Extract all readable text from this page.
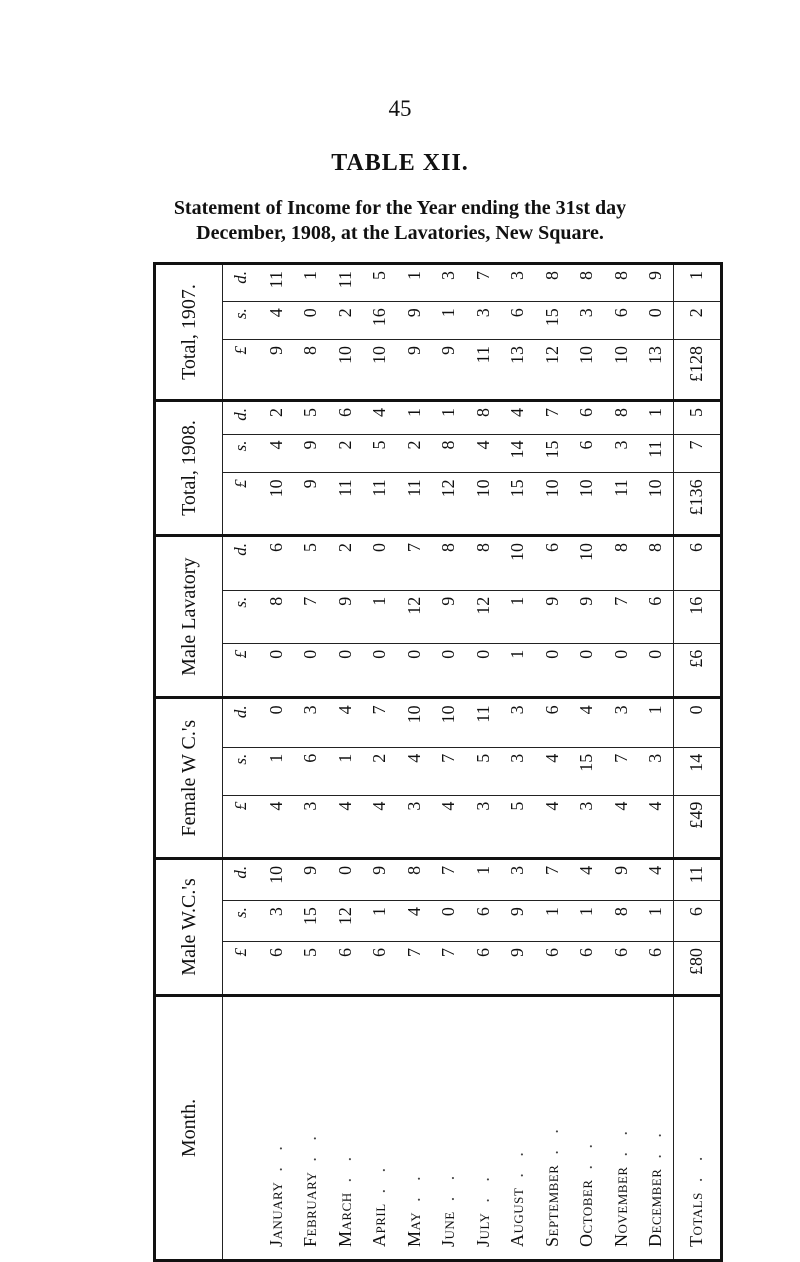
45
TABLE XII.
Statement of Income for the Year ending the 31st day
December, 1908, at the Lavatories, New Square.
Month.	Male W.C.'s			Female W C.'s			Male Lavatory			Total, 1908.			Total, 1907.		
	£	s.	d.	£	s.	d.	£	s.	d.	£	s.	d.	£	s.	d.
January. .	6	3	10	4	1	0	0	8	6	10	4	2	9	4	11
February. .	5	15	9	3	6	3	0	7	5	9	9	5	8	0	1
March. .	6	12	0	4	1	4	0	9	2	11	2	6	10	2	11
April. .	6	1	9	4	2	7	0	1	0	11	5	4	10	16	5
May. .	7	4	8	3	4	10	0	12	7	11	2	1	9	9	1
June. .	7	0	7	4	7	10	0	9	8	12	8	1	9	1	3
July. .	6	6	1	3	5	11	0	12	8	10	4	8	11	3	7
August. .	9	9	3	5	3	3	1	1	10	15	14	4	13	6	3
September. .	6	1	7	4	4	6	0	9	6	10	15	7	12	15	8
October. .	6	1	4	3	15	4	0	9	10	10	6	6	10	3	8
November. .	6	8	9	4	7	3	0	7	8	11	3	8	10	6	8
December. .	6	1	4	4	3	1	0	6	8	10	11	1	13	0	9
Totals. .	£80	6	11	£49	14	0	£6	16	6	£136	7	5	£128	2	1
